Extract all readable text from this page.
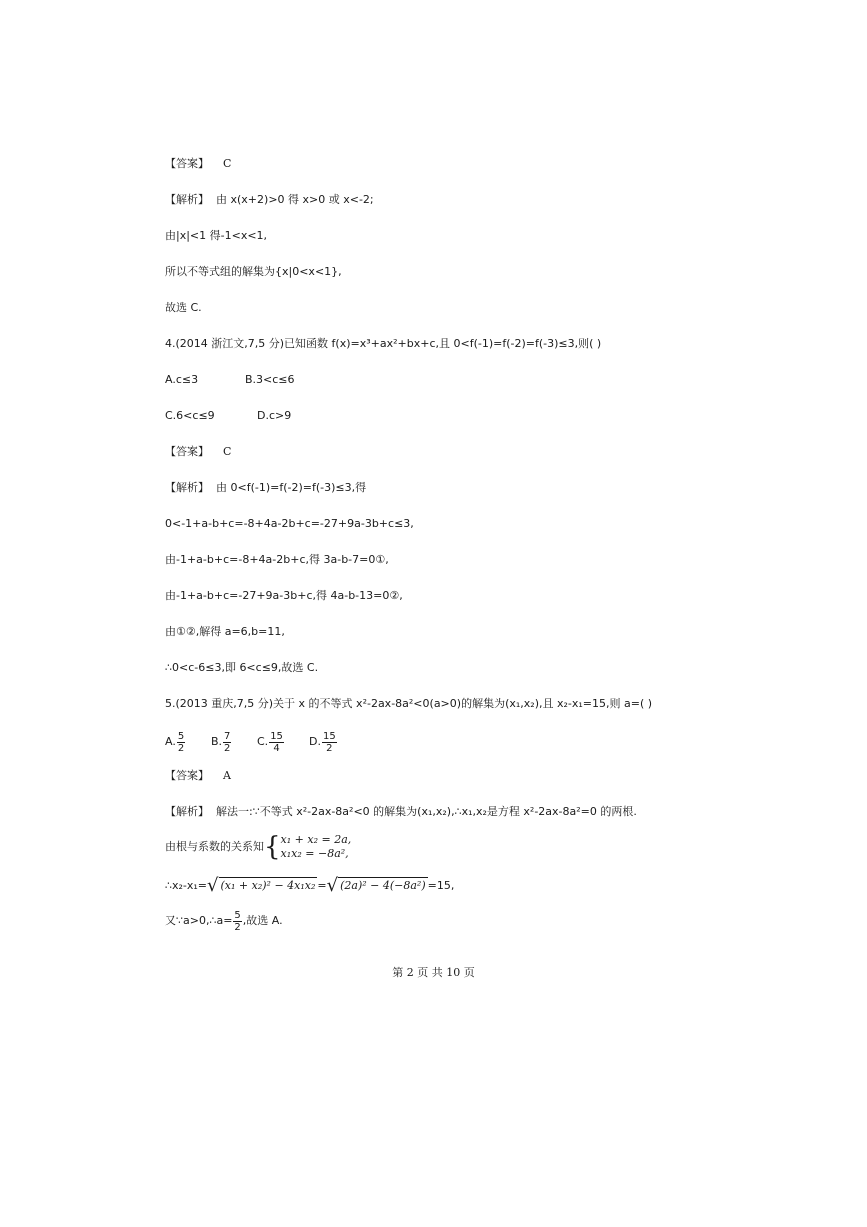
【答案】 C
【解析】 由 x(x+2)>0 得 x>0 或 x<-2;
由|x|<1 得-1<x<1,
所以不等式组的解集为{x|0<x<1},
故选 C.
4.(2014 浙江文,7,5 分)已知函数 f(x)=x³+ax²+bx+c,且 0<f(-1)=f(-2)=f(-3)≤3,则( )
A.c≤3	B.3<c≤6
C.6<c≤9	D.c>9
【答案】 C
【解析】 由 0<f(-1)=f(-2)=f(-3)≤3,得
0<-1+a-b+c=-8+4a-2b+c=-27+9a-3b+c≤3,
由-1+a-b+c=-8+4a-2b+c,得 3a-b-7=0①,
由-1+a-b+c=-27+9a-3b+c,得 4a-b-13=0②,
由①②,解得 a=6,b=11,
∴0<c-6≤3,即 6<c≤9,故选 C.
5.(2013 重庆,7,5 分)关于 x 的不等式 x²-2ax-8a²<0(a>0)的解集为(x₁,x₂),且 x₂-x₁=15,则 a=( )
A. $\frac{5}{2} B$. $\frac{7}{2} C$. $\frac{15}{4} D$. $\frac{15}{2}$
【答案】 A
【解析】 解法一:∵不等式 x²-2ax-8a²<0 的解集为(x₁,x₂),∴x₁,x₂是方程 x²-2ax-8a²=0 的两根.
由根与系数的关系知{ x₁ + x₂ = 2a,
x₁x₂ = −8a²,
∴x₂-x₁=√ (x₁ + x₂)² − 4x₁x₂ =√ (2a)² − 4(−8a²) =15,
又∵a>0,∴a= $\frac{5}{2}$ ,故选 A.
第 2 页 共 10 页
